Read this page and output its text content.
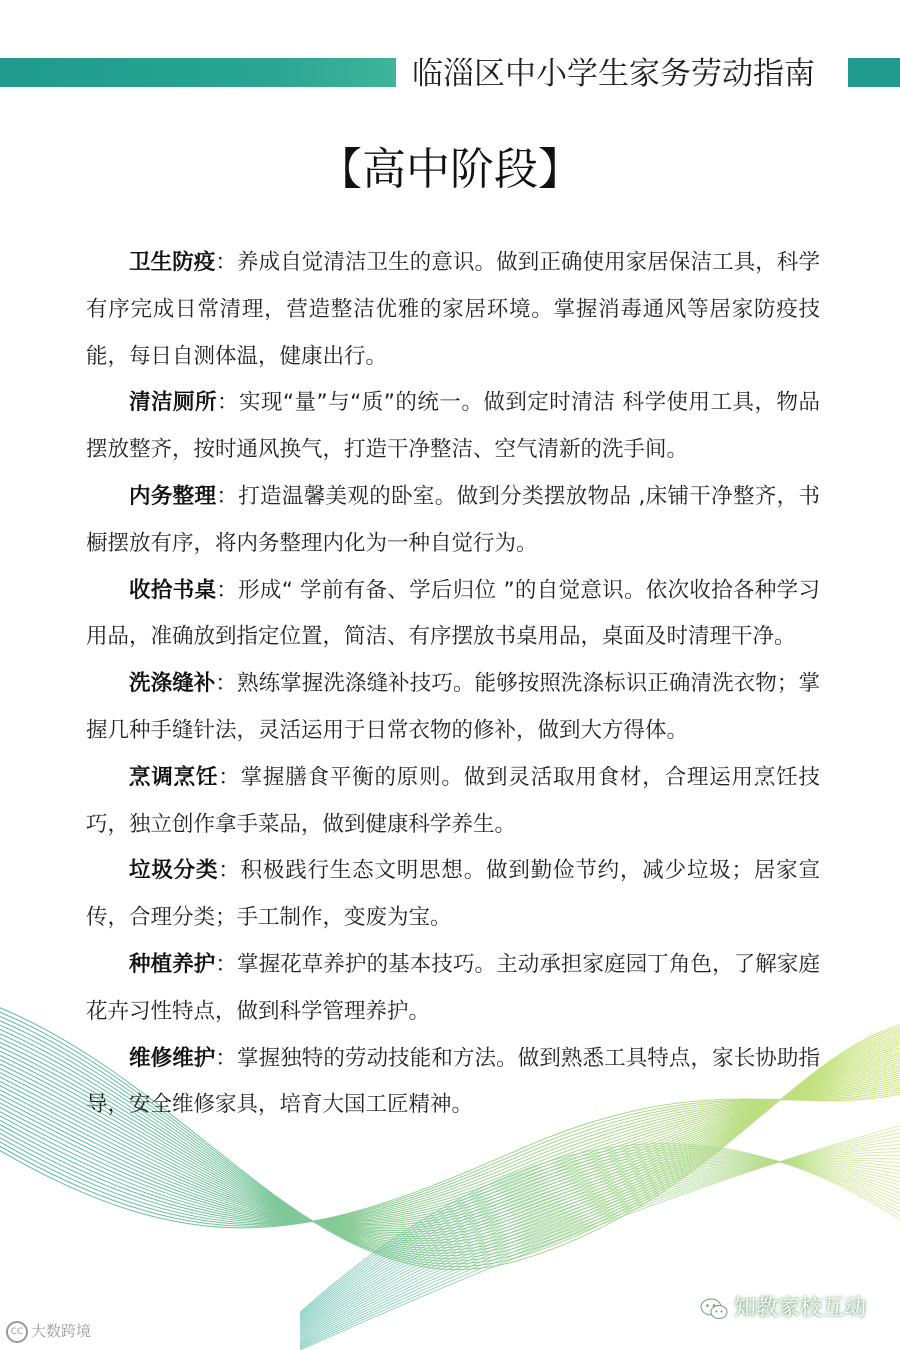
临淄区中小学生家务劳动指南
【高中阶段】

卫生防疫：养成自觉清洁卫生的意识。做到正确使用家居保洁工具，科学有序完成日常清理，营造整洁优雅的家居环境。掌握消毒通风等居家防疫技能，每日自测体温，健康出行。

清洁厕所：实现“量”与“质”的统一。做到定时清洁 科学使用工具，物品摆放整齐，按时通风换气，打造干净整洁、空气清新的洗手间。

内务整理：打造温馨美观的卧室。做到分类摆放物品 ,床铺干净整齐，书橱摆放有序，将内务整理内化为一种自觉行为。

收拾书桌：形成“ 学前有备、学后归位 ”的自觉意识。依次收拾各种学习用品，准确放到指定位置，简洁、有序摆放书桌用品，桌面及时清理干净。

洗涤缝补：熟练掌握洗涤缝补技巧。能够按照洗涤标识正确清洗衣物；掌握几种手缝针法，灵活运用于日常衣物的修补，做到大方得体。

烹调烹饪：掌握膳食平衡的原则。做到灵活取用食材，合理运用烹饪技巧，独立创作拿手菜品，做到健康科学养生。

垃圾分类：积极践行生态文明思想。做到勤俭节约，减少垃圾；居家宣传，合理分类；手工制作，变废为宝。

种植养护：掌握花草养护的基本技巧。主动承担家庭园丁角色，了解家庭花卉习性特点，做到科学管理养护。

维修维护：掌握独特的劳动技能和方法。做到熟悉工具特点，家长协助指导，安全维修家具，培育大国工匠精神。

CC 大数跨境
知教家校互动
